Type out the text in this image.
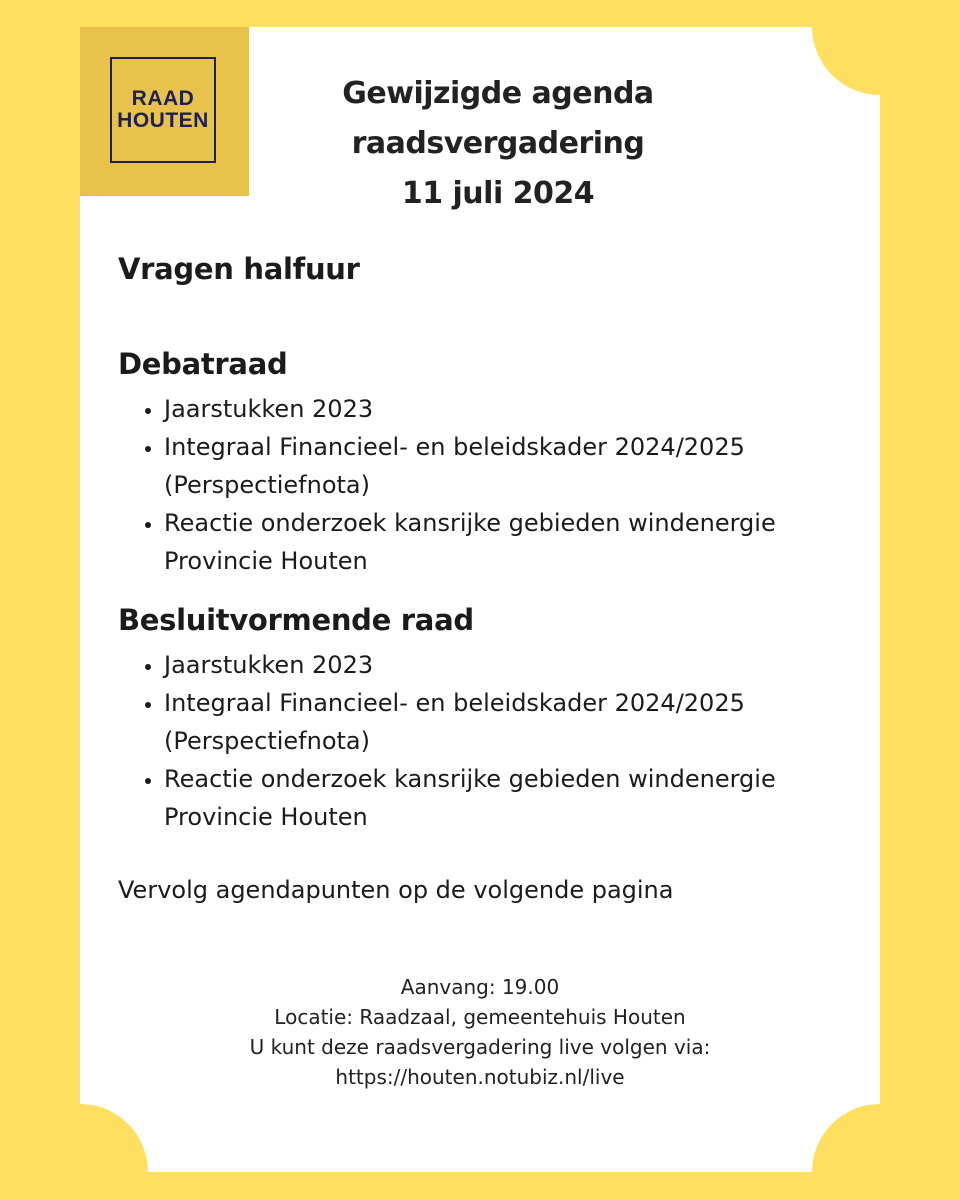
RAAD
HOUTEN
Gewijzigde agenda
raadsvergadering
11 juli 2024
Vragen halfuur
Debatraad
• Jaarstukken 2023
• Integraal Financieel- en beleidskader 2024/2025 (Perspectiefnota)
• Reactie onderzoek kansrijke gebieden windenergie Provincie Houten
Besluitvormende raad
• Jaarstukken 2023
• Integraal Financieel- en beleidskader 2024/2025 (Perspectiefnota)
• Reactie onderzoek kansrijke gebieden windenergie Provincie Houten
Vervolg agendapunten op de volgende pagina
Aanvang: 19.00
Locatie: Raadzaal, gemeentehuis Houten
U kunt deze raadsvergadering live volgen via:
https://houten.notubiz.nl/live
